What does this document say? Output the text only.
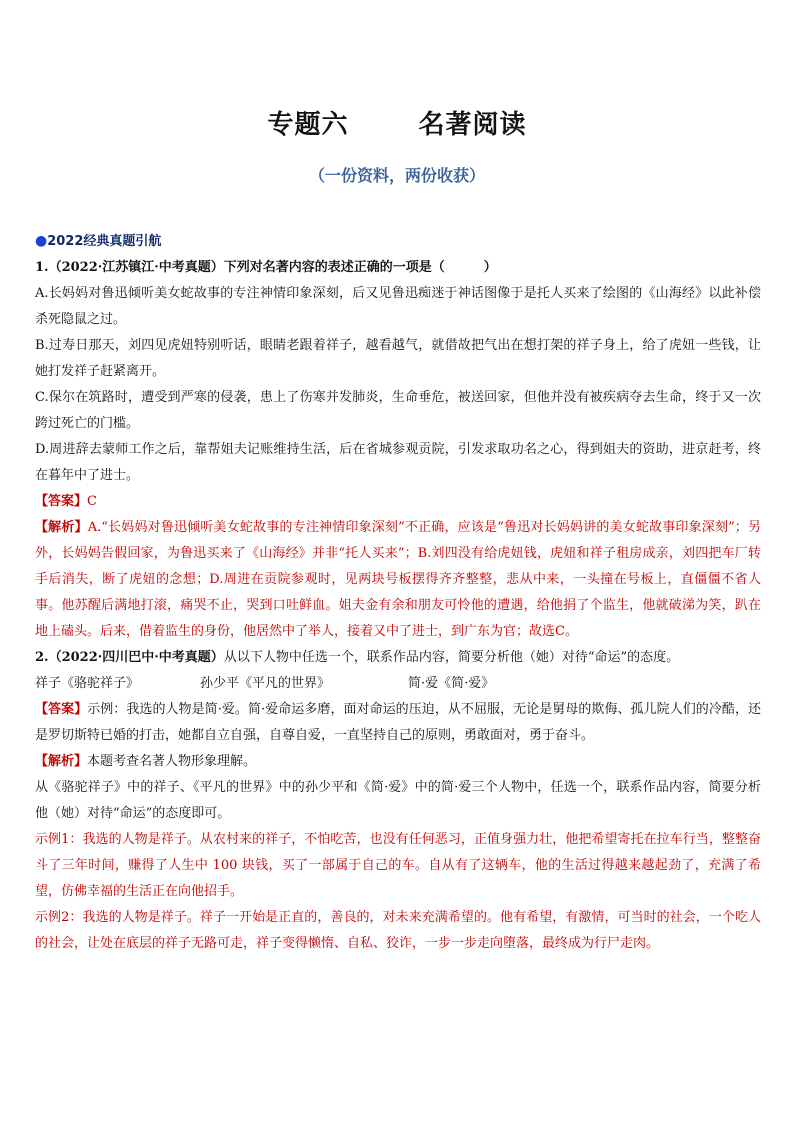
专题六	名著阅读
（一份资料，两份收获）

●2022经典真题引航

1.（2022·江苏镇江·中考真题）下列对名著内容的表述正确的一项是（　　　）

A.长妈妈对鲁迅倾听美女蛇故事的专注神情印象深刻，后又见鲁迅痴迷于神话图像于是托人买来了绘图的《山海经》以此补偿杀死隐鼠之过。

B.过寿日那天，刘四见虎妞特别听话，眼睛老跟着祥子，越看越气，就借故把气出在想打架的祥子身上，给了虎妞一些钱，让她打发祥子赶紧离开。

C.保尔在筑路时，遭受到严寒的侵袭，患上了伤寒并发肺炎，生命垂危，被送回家，但他并没有被疾病夺去生命，终于又一次跨过死亡的门槛。

D.周进辞去蒙师工作之后，靠帮姐夫记账维持生活，后在省城参观贡院，引发求取功名之心，得到姐夫的资助，进京赶考，终在暮年中了进士。

【答案】C

【解析】A.“长妈妈对鲁迅倾听美女蛇故事的专注神情印象深刻”不正确，应该是“鲁迅对长妈妈讲的美女蛇故事印象深刻”；另外，长妈妈告假回家，为鲁迅买来了《山海经》并非“托人买来”；B.刘四没有给虎妞钱，虎妞和祥子租房成亲，刘四把车厂转手后消失，断了虎妞的念想；D.周进在贡院参观时，见两块号板摆得齐齐整整，悲从中来，一头撞在号板上，直僵僵不省人事。他苏醒后满地打滚，痛哭不止，哭到口吐鲜血。姐夫金有余和朋友可怜他的遭遇，给他捐了个监生，他就破涕为笑，趴在地上磕头。后来，借着监生的身份，他居然中了举人，接着又中了进士，到广东为官；故选C。

2.（2022·四川巴中·中考真题）从以下人物中任选一个，联系作品内容，简要分析他（她）对待“命运”的态度。

祥子《骆驼祥子》	孙少平《平凡的世界》	简·爱《简·爱》

【答案】示例：我选的人物是简·爱。简·爱命运多磨，面对命运的压迫，从不屈服，无论是舅母的欺侮、孤儿院人们的冷酷，还是罗切斯特已婚的打击，她都自立自强，自尊自爱，一直坚持自己的原则，勇敢面对，勇于奋斗。

【解析】本题考查名著人物形象理解。

从《骆驼祥子》中的祥子、《平凡的世界》中的孙少平和《简·爱》中的简·爱三个人物中，任选一个，联系作品内容，简要分析他（她）对待“命运”的态度即可。

示例1：我选的人物是祥子。从农村来的祥子，不怕吃苦，也没有任何恶习，正值身强力壮，他把希望寄托在拉车行当，整整奋斗了三年时间，赚得了人生中 100 块钱，买了一部属于自己的车。自从有了这辆车，他的生活过得越来越起劲了，充满了希望，仿佛幸福的生活正在向他招手。

示例2：我选的人物是祥子。祥子一开始是正直的，善良的，对未来充满希望的。他有希望，有激情，可当时的社会，一个吃人的社会，让处在底层的祥子无路可走，祥子变得懒惰、自私、狡诈，一步一步走向堕落，最终成为行尸走肉。
